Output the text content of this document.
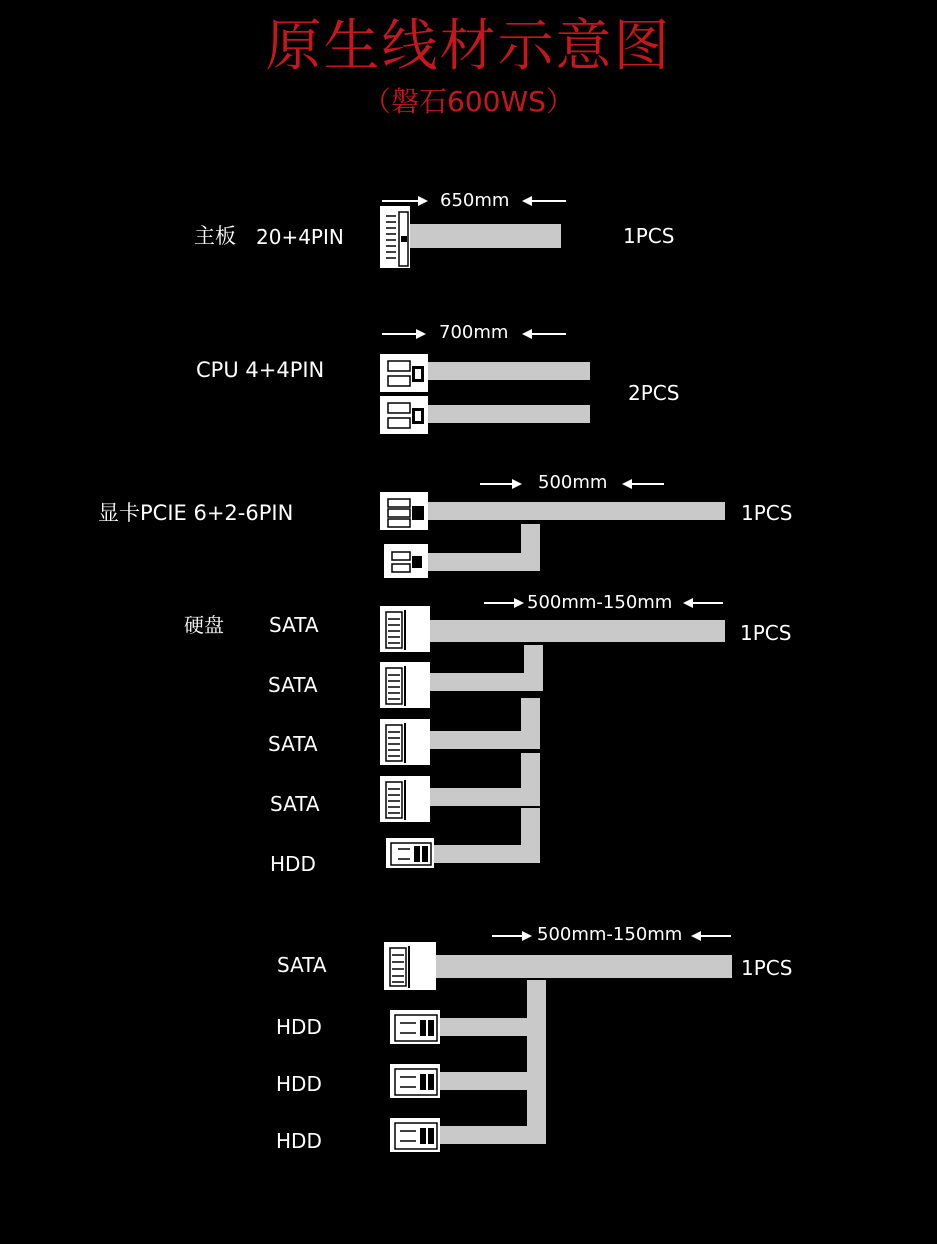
原生线材示意图
（磐石600WS）
主板 20+4PIN
650mm
1PCS
CPU 4+4PIN
700mm
2PCS
显卡PCIE 6+2-6PIN
500mm
1PCS
硬盘 SATA
SATA
SATA
SATA
HDD
500mm-150mm
1PCS
SATA
HDD
HDD
HDD
500mm-150mm
1PCS
